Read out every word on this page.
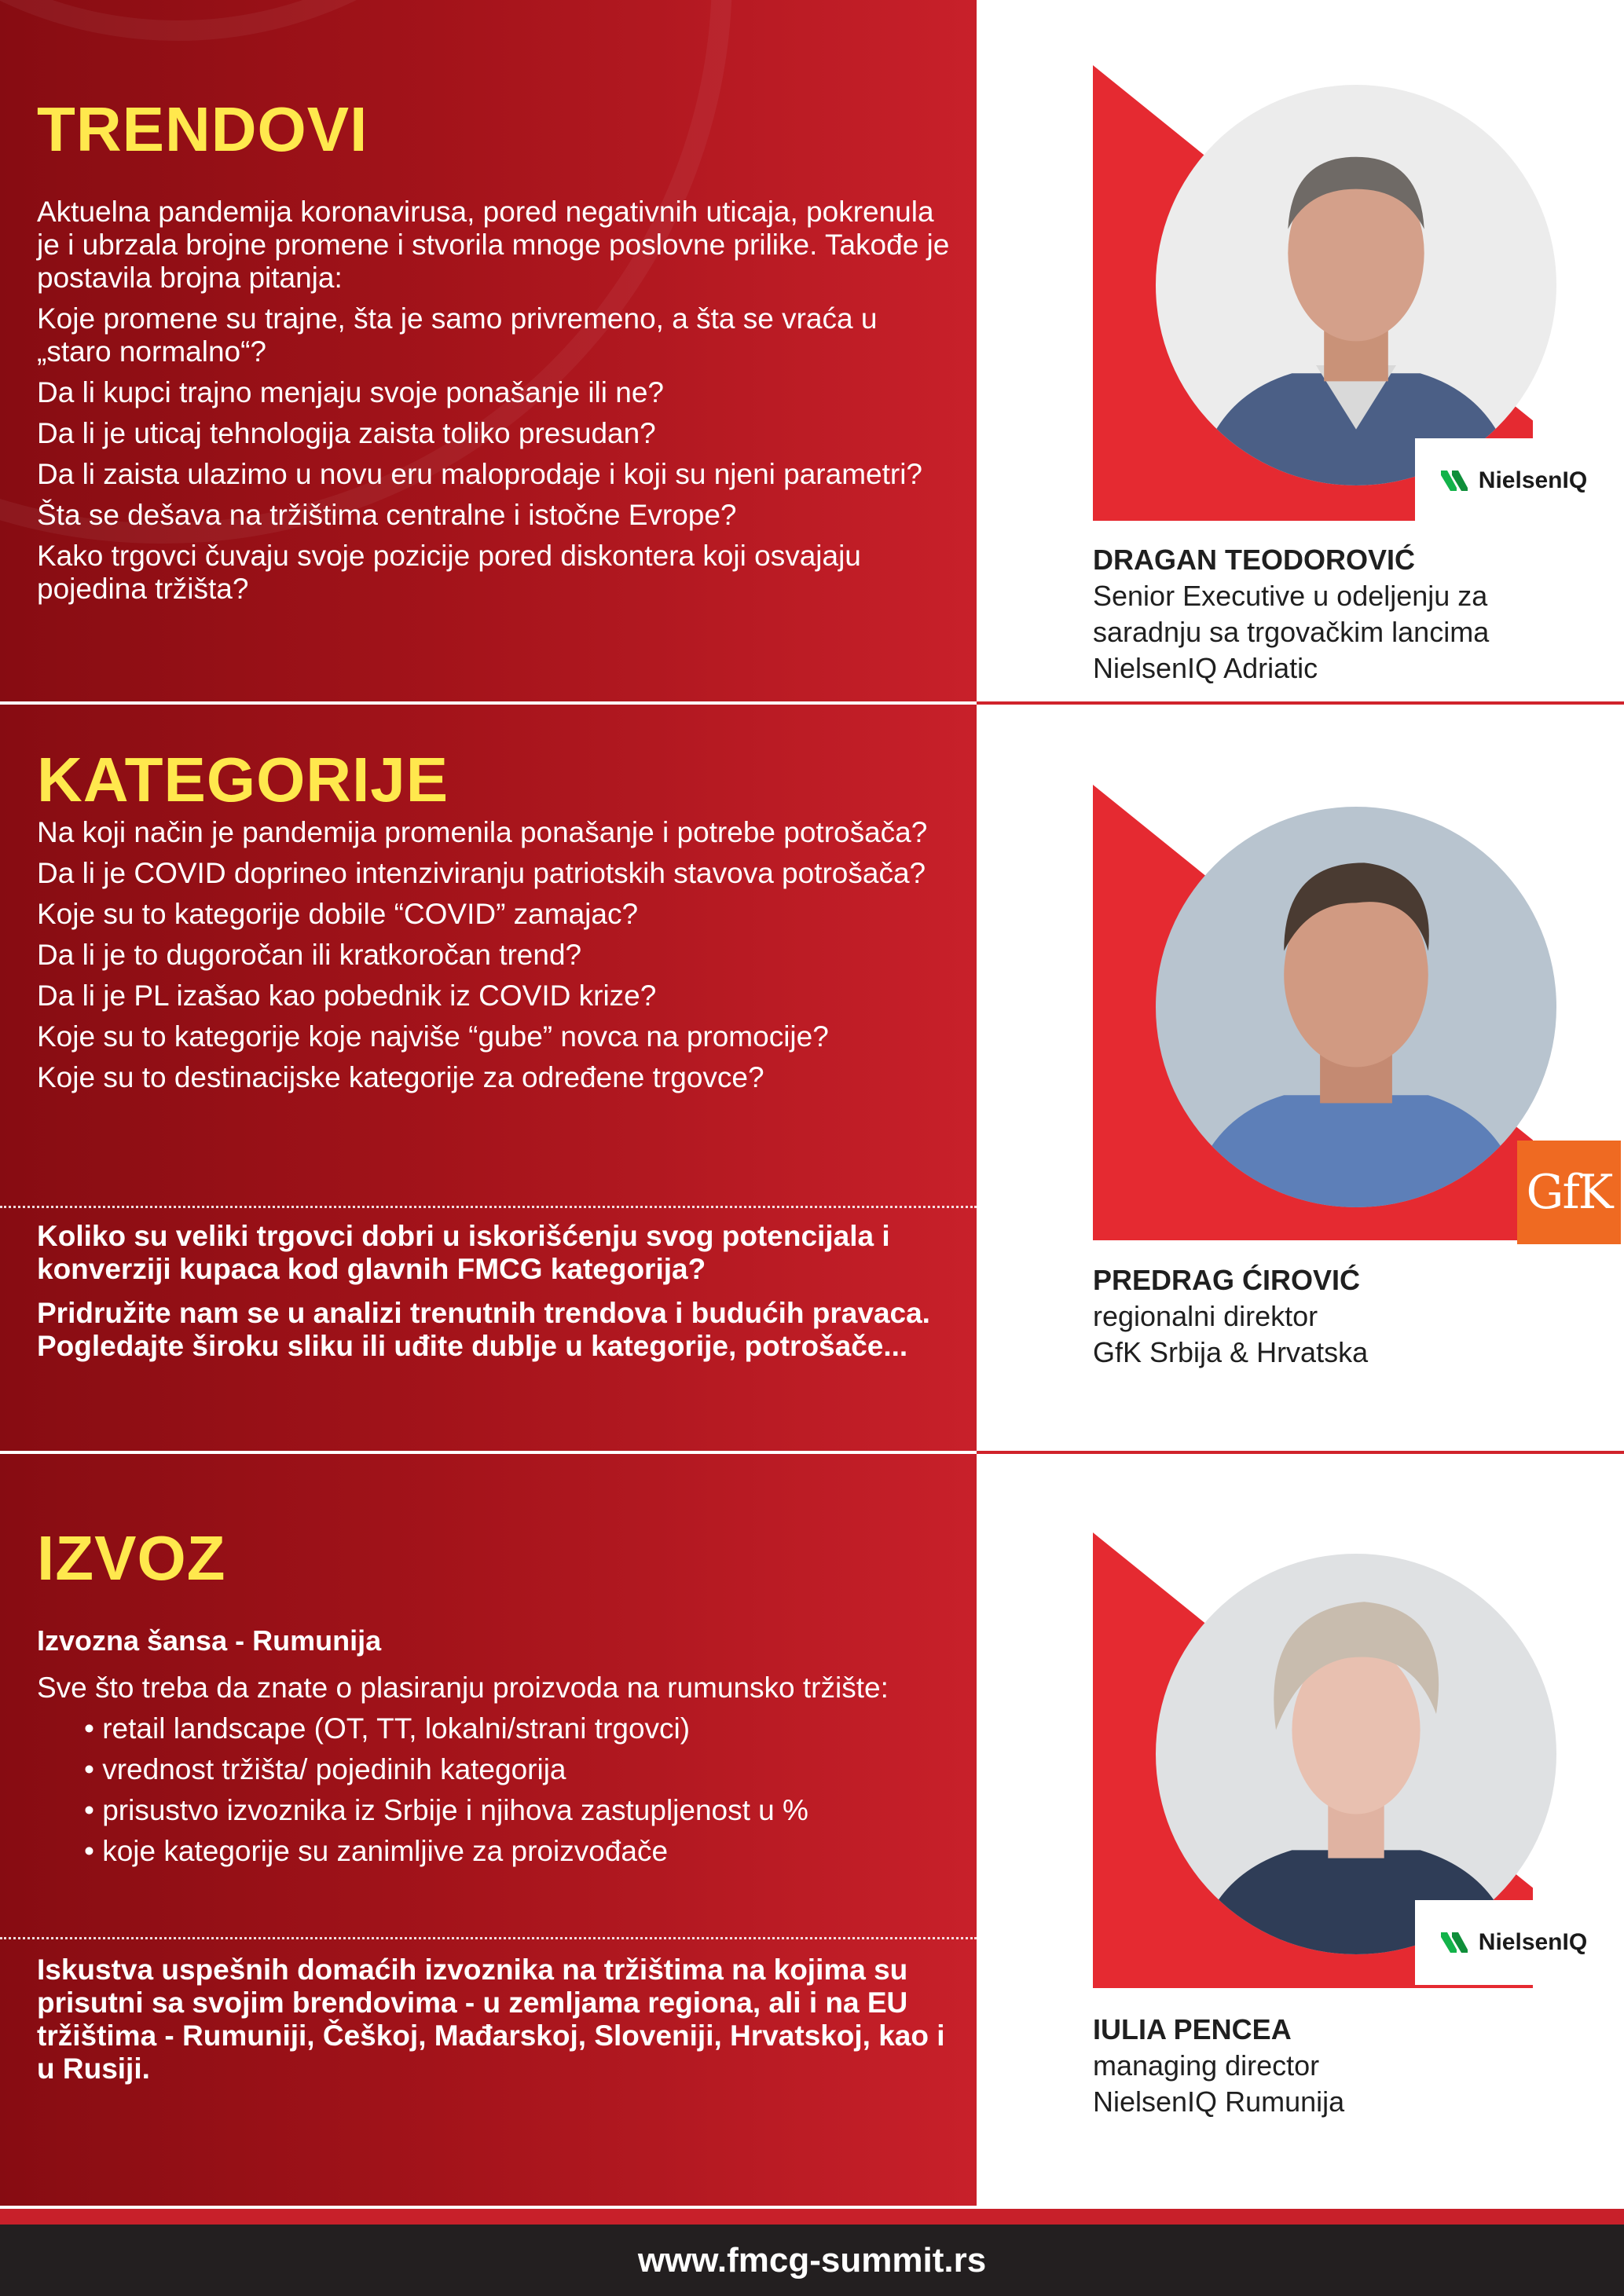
TRENDOVI

Aktuelna pandemija koronavirusa, pored negativnih uticaja, pokrenula je i ubrzala brojne promene i stvorila mnoge poslovne prilike. Takođe je postavila brojna pitanja:

Koje promene su trajne, šta je samo privremeno, a šta se vraća u „staro normalno“?

Da li kupci trajno menjaju svoje ponašanje ili ne?

Da li je uticaj tehnologija zaista toliko presudan?

Da li zaista ulazimo u novu eru maloprodaje i koji su njeni parametri?

Šta se dešava na tržištima centralne i istočne Evrope?

Kako trgovci čuvaju svoje pozicije pored diskontera koji osvajaju pojedina tržišta?

KATEGORIJE

Na koji način je pandemija promenila ponašanje i potrebe potrošača?

Da li je COVID doprineo intenziviranju patriotskih stavova potrošača?

Koje su to kategorije dobile “COVID” zamajac?

Da li je to dugoročan ili kratkoročan trend?

Da li je PL izašao kao pobednik iz COVID krize?

Koje su to kategorije koje najviše “gube” novca na promocije?

Koje su to destinacijske kategorije za određene trgovce?

Koliko su veliki trgovci dobri u iskorišćenju svog potencijala i konverziji kupaca kod glavnih FMCG kategorija?

Pridružite nam se u analizi trenutnih trendova i budućih pravaca. Pogledajte široku sliku ili uđite dublje u kategorije, potrošače...

IZVOZ
Izvozna šansa - Rumunija

Sve što treba da znate o plasiranju proizvoda na rumunsko tržište:

• retail landscape (OT, TT, lokalni/strani trgovci)
• vrednost tržišta/ pojedinih kategorija
• prisustvo izvoznika iz Srbije i njihova zastupljenost u %
• koje kategorije su zanimljive za proizvođače

Iskustva uspešnih domaćih izvoznika na tržištima na kojima su prisutni sa svojim brendovima - u zemljama regiona, ali i na EU tržištima - Rumuniji, Češkoj, Mađarskoj, Sloveniji, Hrvatskoj, kao i u Rusiji.

NielsenIQ
DRAGAN TEODOROVIĆ
Senior Executive u odeljenju za
saradnju sa trgovačkim lancima
NielsenIQ Adriatic
GfK
PREDRAG ĆIROVIĆ
regionalni direktor
GfK Srbija & Hrvatska
NielsenIQ
IULIA PENCEA
managing director
NielsenIQ Rumunija
www.fmcg-summit.rs
